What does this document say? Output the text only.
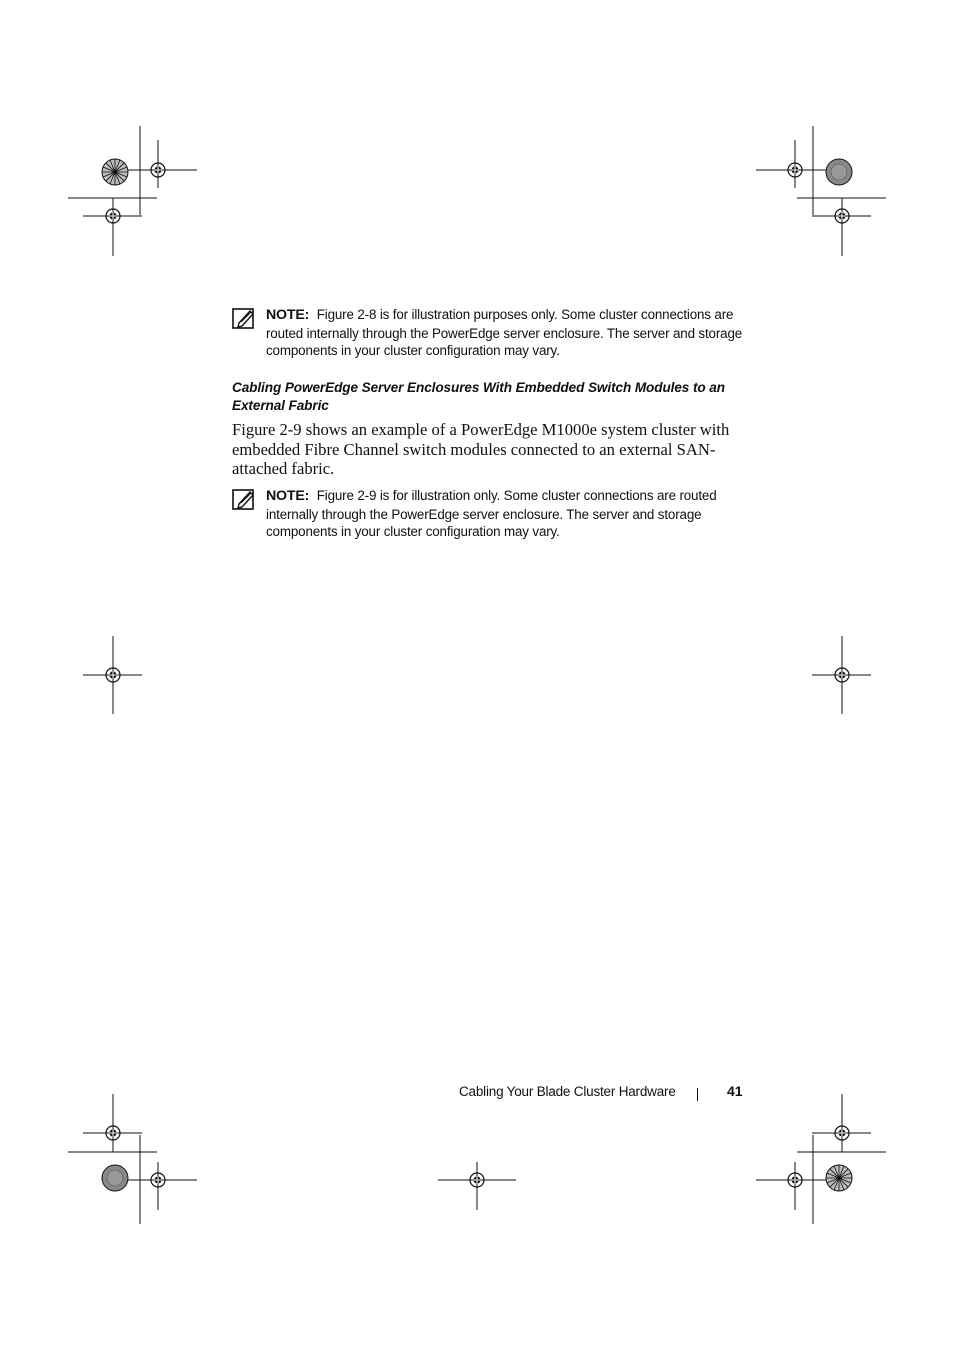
NOTE: Figure 2-8 is for illustration purposes only. Some cluster connections are routed internally through the PowerEdge server enclosure. The server and storage components in your cluster configuration may vary.
Cabling PowerEdge Server Enclosures With Embedded Switch Modules to an External Fabric
Figure 2-9 shows an example of a PowerEdge M1000e system cluster with embedded Fibre Channel switch modules connected to an external SAN-attached fabric.
NOTE: Figure 2-9 is for illustration only. Some cluster connections are routed internally through the PowerEdge server enclosure. The server and storage components in your cluster configuration may vary.
Cabling Your Blade Cluster Hardware	41
